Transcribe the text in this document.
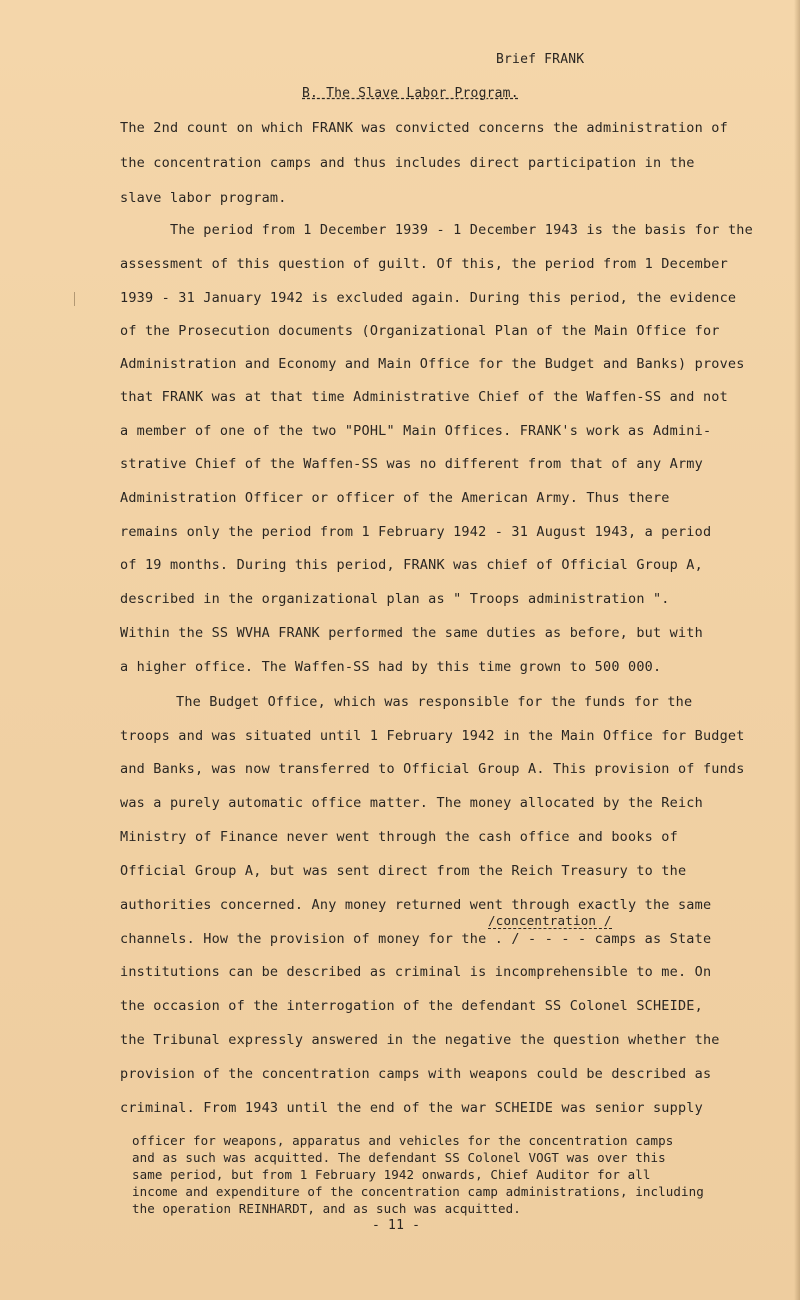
Brief FRANK
B. The Slave Labor Program.
The 2nd count on which FRANK was convicted concerns the administration of
the concentration camps and thus includes direct participation in the
slave labor program.
The period from 1 December 1939 - 1 December 1943 is the basis for the
assessment of this question of guilt. Of this, the period from 1 December
1939 - 31 January 1942 is excluded again. During this period, the evidence
of the Prosecution documents (Organizational Plan of the Main Office for
Administration and Economy and Main Office for the Budget and Banks) proves
that FRANK was at that time Administrative Chief of the Waffen-SS and not
a member of one of the two "POHL" Main Offices. FRANK's work as Admini-
strative Chief of the Waffen-SS was no different from that of any Army
Administration Officer or officer of the American Army. Thus there
remains only the period from 1 February 1942 - 31 August 1943, a period
of 19 months. During this period, FRANK was chief of Official Group A,
described in the organizational plan as " Troops administration ".
Within the SS WVHA FRANK performed the same duties as before, but with
a higher office. The Waffen-SS had by this time grown to 500 000.
The Budget Office, which was responsible for the funds for the
troops and was situated until 1 February 1942 in the Main Office for Budget
and Banks, was now transferred to Official Group A. This provision of funds
was a purely automatic office matter. The money allocated by the Reich
Ministry of Finance never went through the cash office and books of
Official Group A, but was sent direct from the Reich Treasury to the
authorities concerned. Any money returned went through exactly the same
channels. How the provision of money for the . / - - - - camps as State
institutions can be described as criminal is incomprehensible to me. On
the occasion of the interrogation of the defendant SS Colonel SCHEIDE,
the Tribunal expressly answered in the negative the question whether the
provision of the concentration camps with weapons could be described as
criminal. From 1943 until the end of the war SCHEIDE was senior supply
/concentration /
officer for weapons, apparatus and vehicles for the concentration camps
and as such was acquitted. The defendant SS Colonel VOGT was over this
same period, but from 1 February 1942 onwards, Chief Auditor for all
income and expenditure of the concentration camp administrations, including
the operation REINHARDT, and as such was acquitted.
- 11 -
